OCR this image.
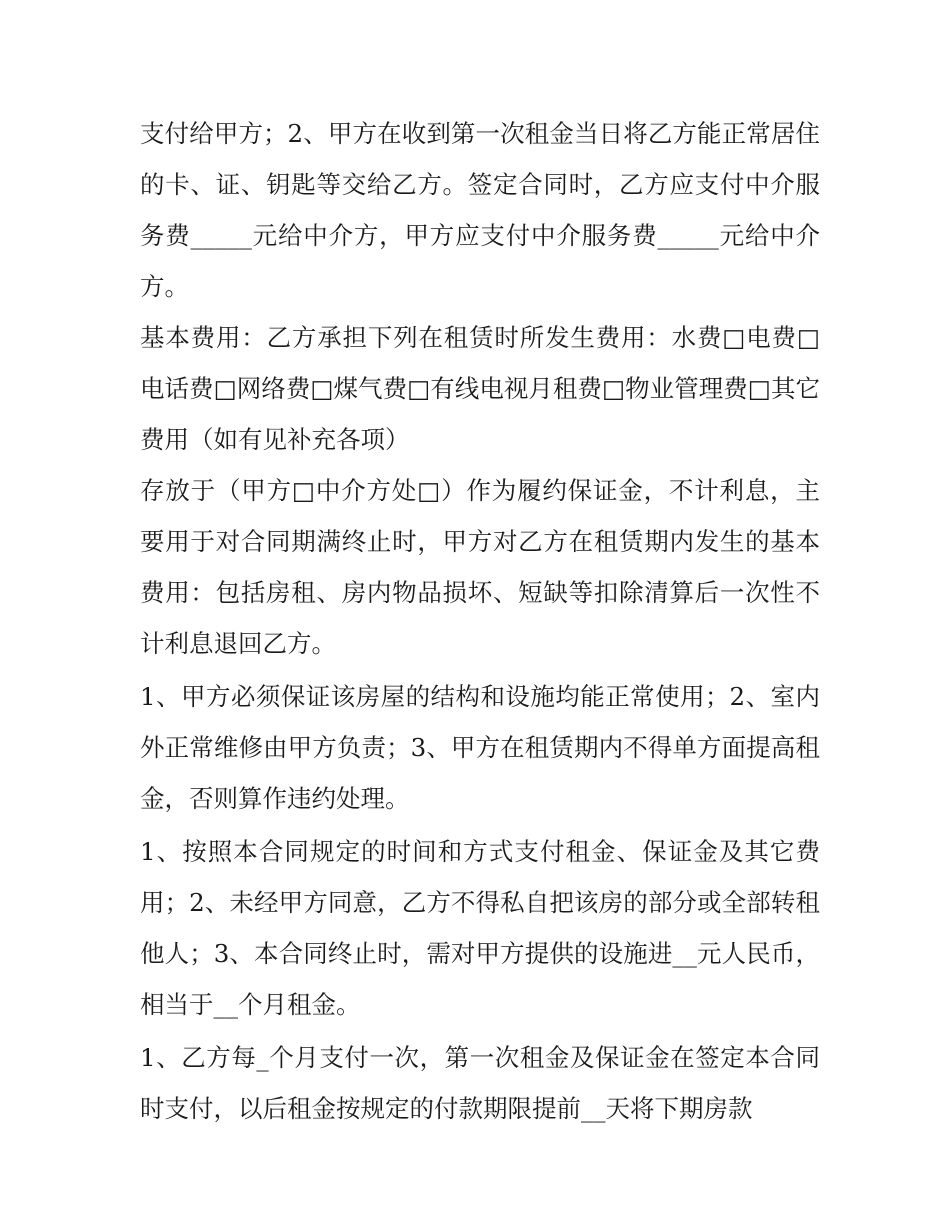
支付给甲方；2、甲方在收到第一次租金当日将乙方能正常居住的卡、证、钥匙等交给乙方。签定合同时，乙方应支付中介服务费_____元给中介方，甲方应支付中介服务费_____元给中介方。

基本费用：乙方承担下列在租赁时所发生费用：水费□电费□电话费□网络费□煤气费□有线电视月租费□物业管理费□其它费用（如有见补充各项）

存放于（甲方□中介方处□）作为履约保证金，不计利息，主要用于对合同期满终止时，甲方对乙方在租赁期内发生的基本费用：包括房租、房内物品损坏、短缺等扣除清算后一次性不计利息退回乙方。

1、甲方必须保证该房屋的结构和设施均能正常使用；2、室内外正常维修由甲方负责；3、甲方在租赁期内不得单方面提高租金，否则算作违约处理。

1、按照本合同规定的时间和方式支付租金、保证金及其它费用；2、未经甲方同意，乙方不得私自把该房的部分或全部转租他人；3、本合同终止时，需对甲方提供的设施进__元人民币，相当于__个月租金。

1、乙方每_个月支付一次，第一次租金及保证金在签定本合同时支付，以后租金按规定的付款期限提前__天将下期房款
